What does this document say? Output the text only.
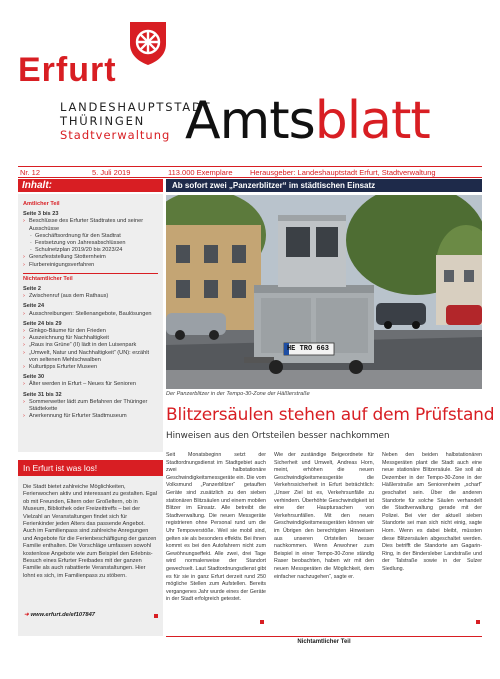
Erfurt
LANDESHAUPTSTADT
THÜRINGEN
Stadtverwaltung Amtsblatt
Nr. 12	5. Juli 2019	113.000 Exemplare Herausgeber: Landeshauptstadt Erfurt, Stadtverwaltung
Inhalt:	Ab sofort zwei „Panzerblitzer“ im städtischen Einsatz
Amtlicher Teil
Seite 3 bis 23
› Beschlüsse des Erfurter Stadtrates und seiner Ausschüsse
· Geschäftsordnung für den Stadtrat
· Festsetzung von Jahresabschlüssen
· Schulnetzplan 2019/20 bis 2023/24
› Grenzfeststellung Stotternheim
› Flurbereinigungsverfahren
Nichtamtlicher Teil
Seite 2
› Zwischenruf (aus dem Rathaus)
Seite 24
› Ausschreibungen: Stellenangebote, Baulösungen
Seite 24 bis 29
› Ginkgo-Bäume für den Frieden
› Auszeichnung für Nachhaltigkeit
› „Raus ins Grüne“ (II) lädt in den Luisenpark
› „Umwelt, Natur und Nachhaltigkeit“ (UN): erzählt von seltenen Mehlschwalben
› Kulturtipps Erfurter Museen
Seite 30
› Älter werden in Erfurt – Neues für Senioren
Seite 31 bis 32
› Sommerwetter lädt zum Befahren der Thüringer Städtekette
› Anerkennung für Erfurter Stadtmuseum
In Erfurt ist was los!
Die Stadt bietet zahlreiche Möglichkeiten, Ferienwochen aktiv und interessant zu gestalten. Egal ob mit Freunden, Eltern oder Großeltern, ob in Museum, Bibliothek oder Freizeittreffs – bei der Vielzahl an Veranstaltungen findet sich für Ferienkinder jeden Alters das passende Angebot. Auch im Familienpass sind zahlreiche Anregungen und Angebote für die Ferienbeschäftigung der ganzen Familie enthalten. Die Vorschläge umfassen sowohl kostenlose Angebote wie zum Beispiel den Erlebnis-Besuch eines Erfurter Freibades mit der ganzen Familie als auch rabattierte Veranstaltungen. Hier lohnt es sich, im Familienpass zu stöbern.
➜ www.erfurt.de/ef107847
HE TRO 663
Der Panzerblitzer in der Tempo-30-Zone der Häßlerstraße
Blitzersäulen stehen auf dem Prüfstand
Hinweisen aus den Ortsteilen besser nachkommen
Seit Monatsbeginn setzt der Stadtordnungsdienst im Stadtgebiet auch zwei halbstationäre Geschwindigkeitsmessgeräte ein. Die vom Volksmund „Panzerblitzer“ getauften Geräte sind zusätzlich zu den sieben stationären Blitzsäulen und einem mobilen Blitzer im Einsatz. Alle betreibt die Stadtverwaltung. Die neuen Messgeräte registrieren ohne Personal rund um die Uhr Tempoverstöße. Weil sie mobil sind, gelten sie als besonders effektiv. Bei ihnen kommt es bei den Autofahrern nicht zum Gewöhnungseffekt. Alle zwei, drei Tage wird normalerweise der Standort gewechselt. Laut Stadtordnungsdienst gibt es für sie in ganz Erfurt derzeit rund 250 mögliche Stellen zum Aufstellen. Bereits vergangenes Jahr wurde eines der Geräte in der Stadt erfolgreich getestet.
Wie der zuständige Beigeordnete für Sicherheit und Umwelt, Andreas Horn, meint, erhöhen die neuen Geschwindigkeitsmessgeräte die Verkehrssicherheit in Erfurt beträchtlich: „Unser Ziel ist es, Verkehrsunfälle zu verhindern. Überhöhte Geschwindigkeit ist eine der Hauptursachen von Verkehrsunfällen. Mit den neuen Geschwindigkeitsmessgeräten können wir im Übrigen den berechtigten Hinweisen aus unseren Ortsteilen besser nachkommen. Wenn Anwohner zum Beispiel in einer Tempo-30-Zone ständig Raser beobachten, haben wir mit den neuen Messgeräten die Möglichkeit, dem einfacher nachzugehen“, sagte er.
Neben den beiden halbstationären Messgeräten plant die Stadt auch eine neue stationäre Blitzersäule. Sie soll ab Dezember in der Tempo-30-Zone in der Häßlerstraße am Seniorenheim „scharf“ geschaltet sein. Über die anderen Standorte für solche Säulen verhandelt die Stadtverwaltung gerade mit der Polizei. Bei vier der aktuell sieben Standorte sei man sich nicht einig, sagte Horn. Wenn es dabei bleibt, müssten diese Blitzersäulen abgeschaltet werden. Dies betrifft die Standorte am Gagarin-Ring, in der Bindersleber Landstraße und der Talstraße sowie in der Sulzer Siedlung.
Nichtamtlicher Teil
